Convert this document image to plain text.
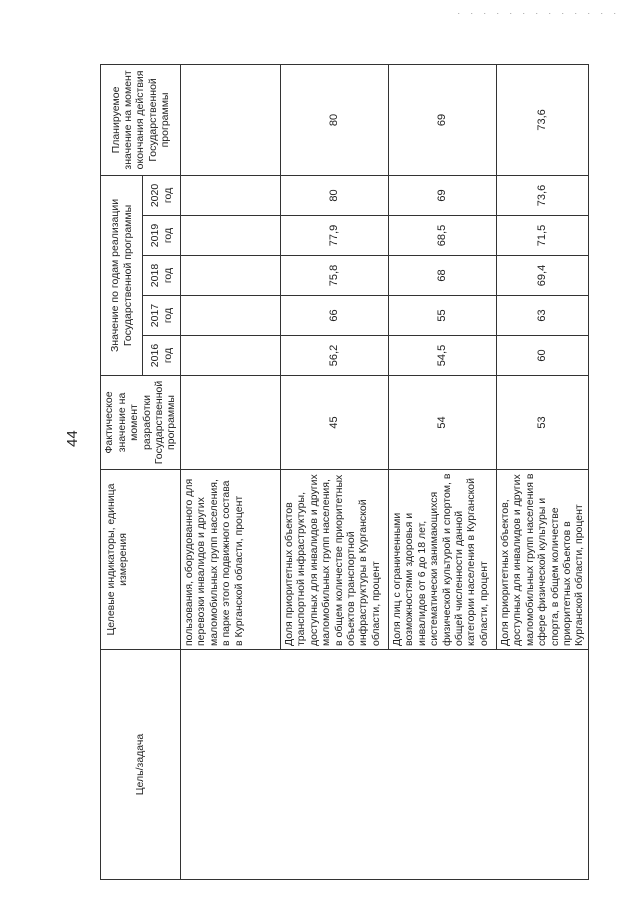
. . . . . . . . . . . . .
44
Цель/задача	Целевые индикаторы, единица измерения	Фактическое значение на момент разработки Государственной программы	Значение по годам реализации Государственной программы					Планируемое значение на момент окончания действия Государственной программы
			2016 год	2017 год	2018 год	2019 год	2020 год	
	пользования, оборудованного для перевозки инвалидов и других маломобильных групп населения, в парке этого подвижного состава в Курганской области, процент							
	Доля приоритетных объектов транспортной инфраструктуры, доступных для инвалидов и других маломобильных групп населения, в общем количестве приоритетных объектов транспортной инфраструктуры в Курганской области, процент	45	56,2	66	75,8	77,9	80	80
	Доля лиц с ограниченными возможностями здоровья и инвалидов от 6 до 18 лет, систематически занимающихся физической культурой и спортом, в общей численности данной категории населения в Курганской области, процент	54	54,5	55	68	68,5	69	69
	Доля приоритетных объектов, доступных для инвалидов и других маломобильных групп населения в сфере физической культуры и спорта, в общем количестве приоритетных объектов в Курганской области, процент	53	60	63	69,4	71,5	73,6	73,6
